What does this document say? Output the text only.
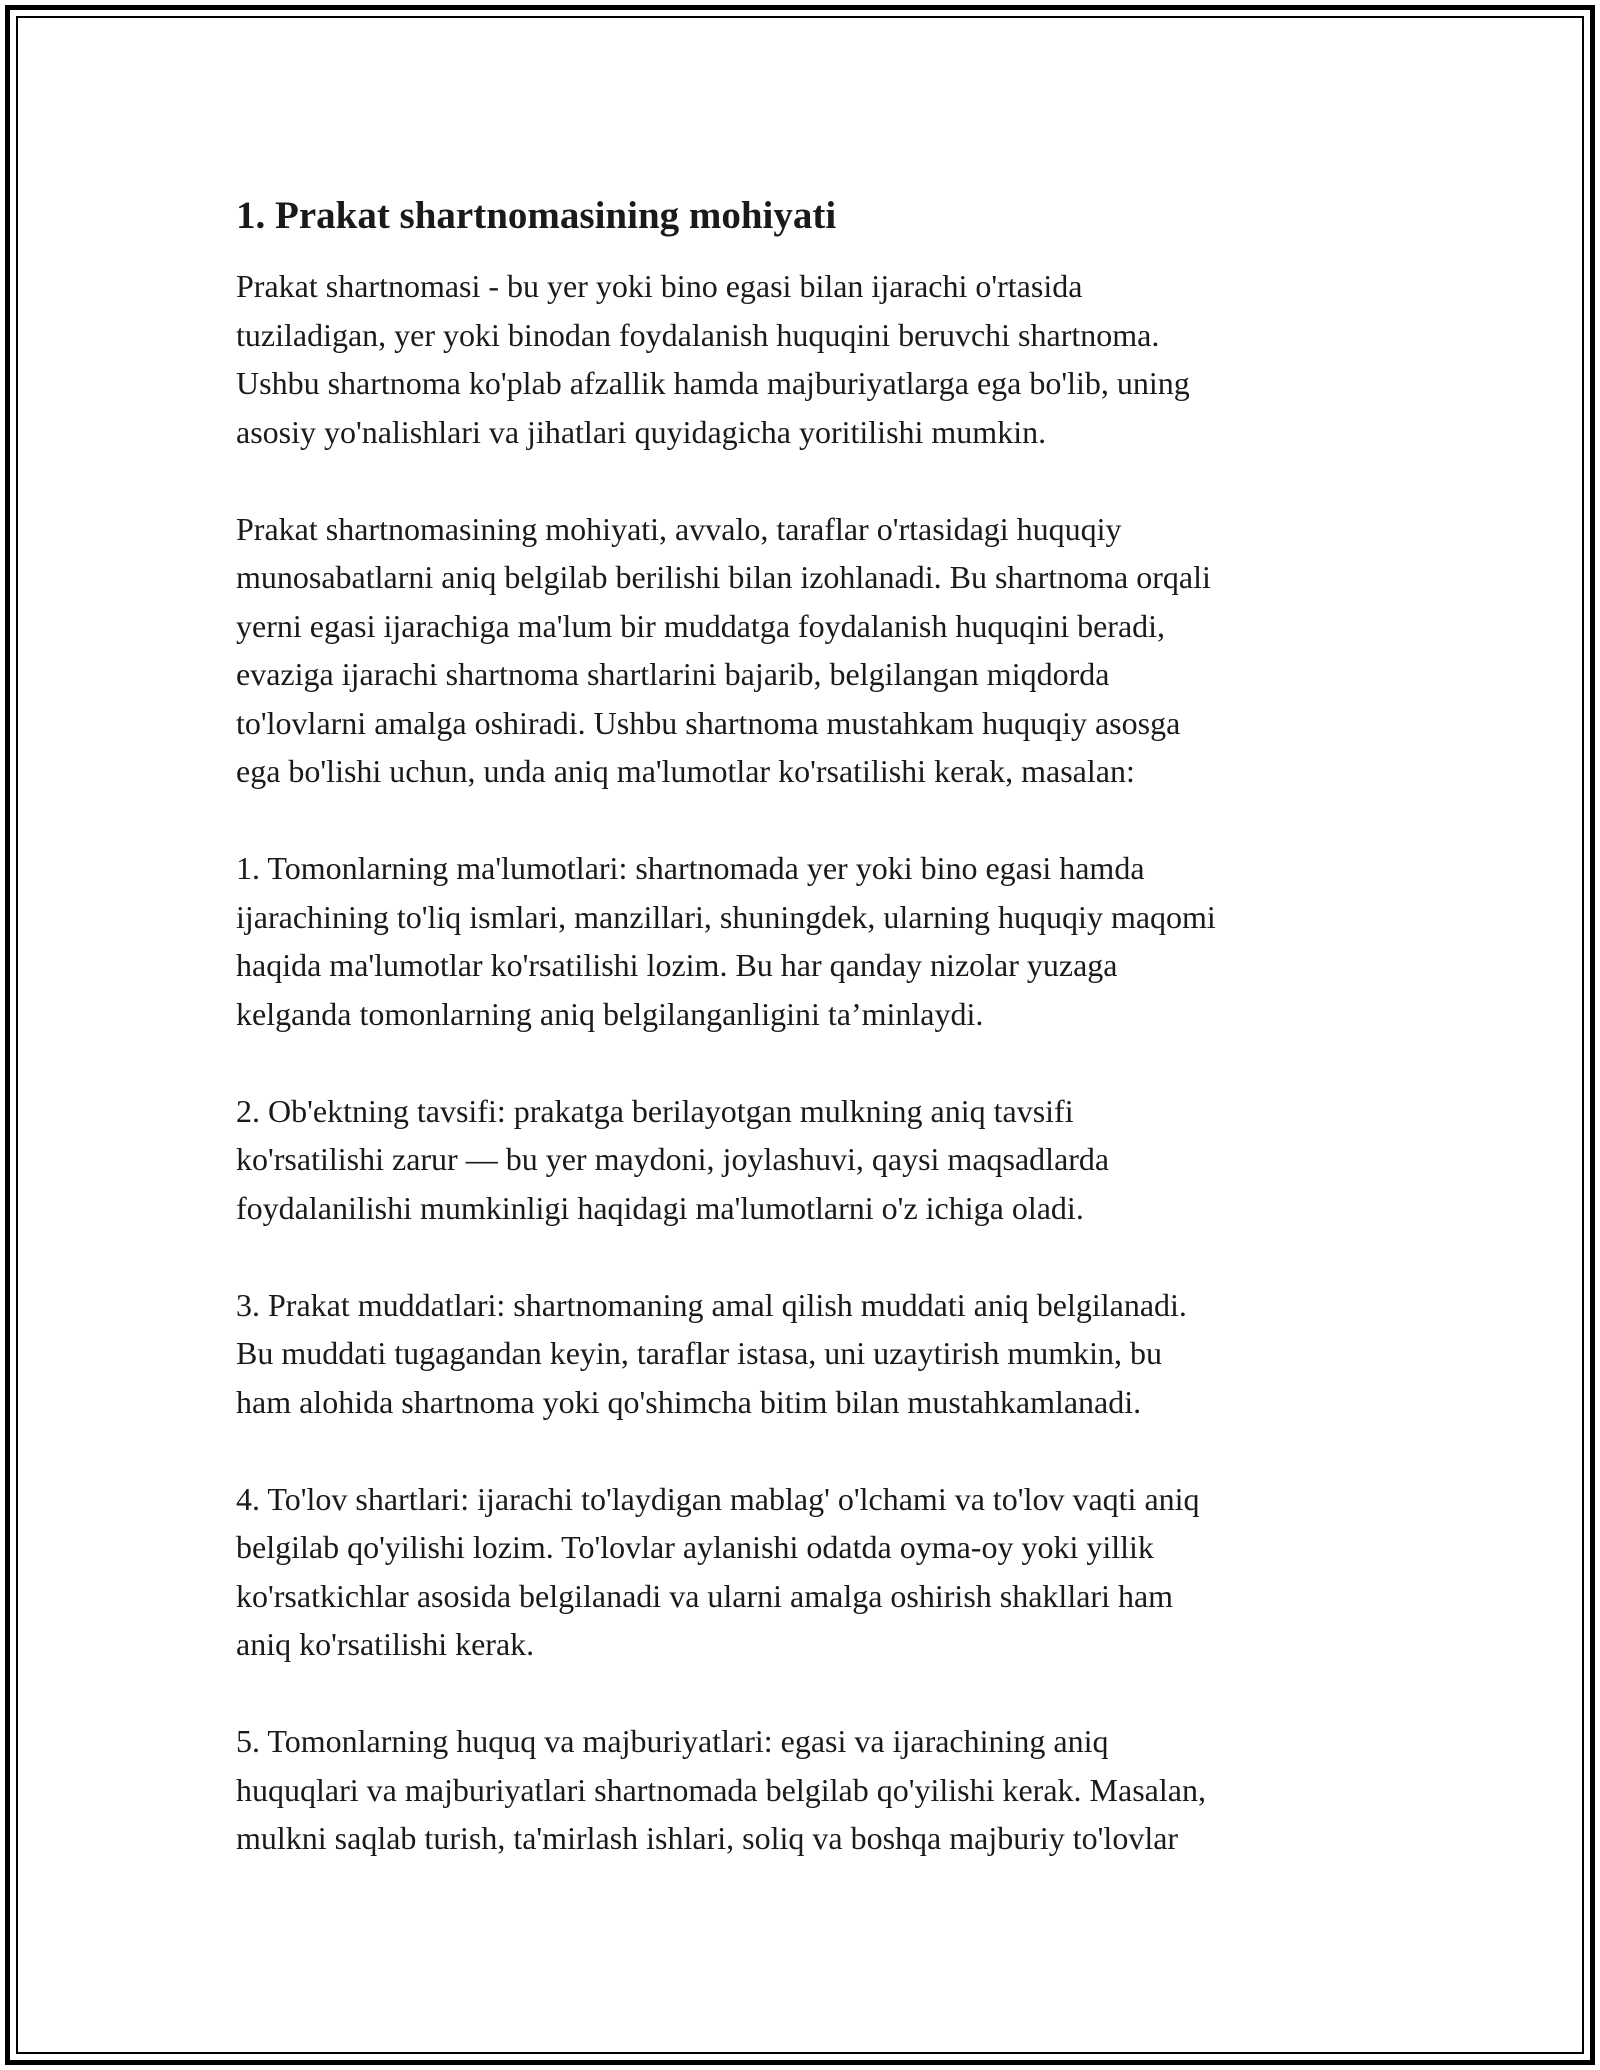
1. Prakat shartnomasining mohiyati

Prakat shartnomasi - bu yer yoki bino egasi bilan ijarachi o'rtasida
tuziladigan, yer yoki binodan foydalanish huquqini beruvchi shartnoma.
Ushbu shartnoma ko'plab afzallik hamda majburiyatlarga ega bo'lib, uning
asosiy yo'nalishlari va jihatlari quyidagicha yoritilishi mumkin.

Prakat shartnomasining mohiyati, avvalo, taraflar o'rtasidagi huquqiy
munosabatlarni aniq belgilab berilishi bilan izohlanadi. Bu shartnoma orqali
yerni egasi ijarachiga ma'lum bir muddatga foydalanish huquqini beradi,
evaziga ijarachi shartnoma shartlarini bajarib, belgilangan miqdorda
to'lovlarni amalga oshiradi. Ushbu shartnoma mustahkam huquqiy asosga
ega bo'lishi uchun, unda aniq ma'lumotlar ko'rsatilishi kerak, masalan:

1. Tomonlarning ma'lumotlari: shartnomada yer yoki bino egasi hamda
ijarachining to'liq ismlari, manzillari, shuningdek, ularning huquqiy maqomi
haqida ma'lumotlar ko'rsatilishi lozim. Bu har qanday nizolar yuzaga
kelganda tomonlarning aniq belgilanganligini ta’minlaydi.

2. Ob'ektning tavsifi: prakatga berilayotgan mulkning aniq tavsifi
ko'rsatilishi zarur — bu yer maydoni, joylashuvi, qaysi maqsadlarda
foydalanilishi mumkinligi haqidagi ma'lumotlarni o'z ichiga oladi.

3. Prakat muddatlari: shartnomaning amal qilish muddati aniq belgilanadi.
Bu muddati tugagandan keyin, taraflar istasa, uni uzaytirish mumkin, bu
ham alohida shartnoma yoki qo'shimcha bitim bilan mustahkamlanadi.

4. To'lov shartlari: ijarachi to'laydigan mablag' o'lchami va to'lov vaqti aniq
belgilab qo'yilishi lozim. To'lovlar aylanishi odatda oyma-oy yoki yillik
ko'rsatkichlar asosida belgilanadi va ularni amalga oshirish shakllari ham
aniq ko'rsatilishi kerak.

5. Tomonlarning huquq va majburiyatlari: egasi va ijarachining aniq
huquqlari va majburiyatlari shartnomada belgilab qo'yilishi kerak. Masalan,
mulkni saqlab turish, ta'mirlash ishlari, soliq va boshqa majburiy to'lovlar
